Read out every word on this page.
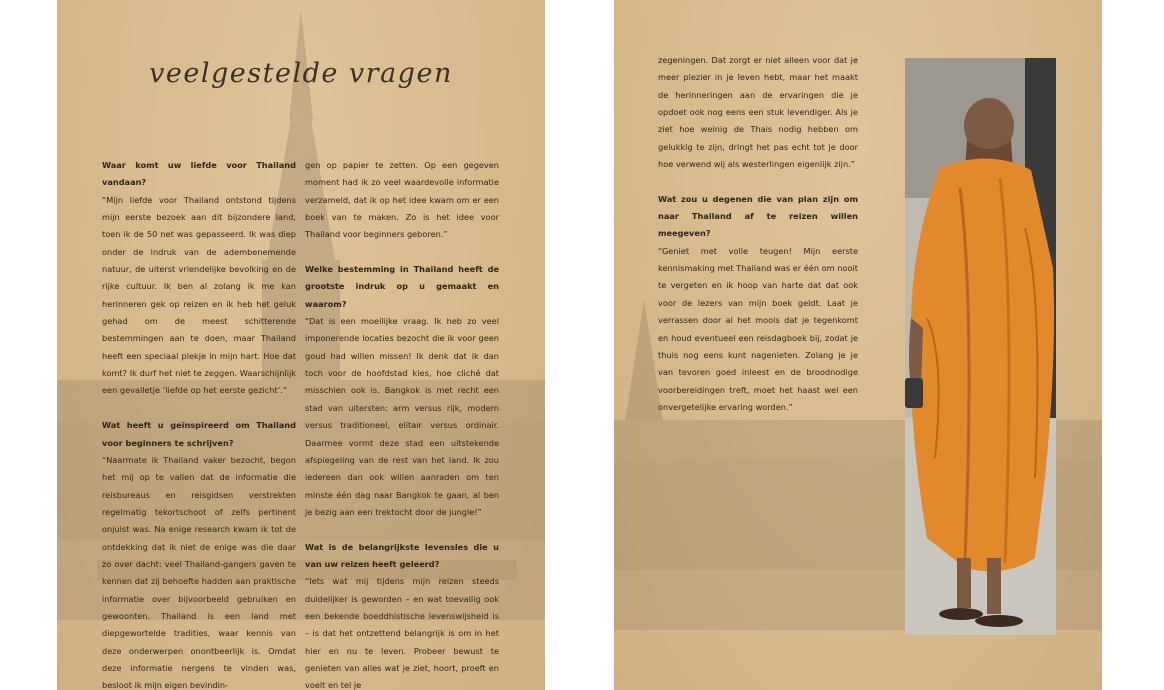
veelgestelde vragen

Waar komt uw liefde voor Thailand vandaan?

“Mijn liefde voor Thailand ontstond tijdens mijn eerste bezoek aan dit bijzondere land, toen ik de 50 net was gepasseerd. Ik was diep onder de indruk van de adembenemende natuur, de uiterst vriendelijke bevolking en de rijke cultuur. Ik ben al zolang ik me kan herinneren gek op reizen en ik heb het geluk gehad om de meest schitterende bestemmingen aan te doen, maar Thailand heeft een speciaal plekje in mijn hart. Hoe dat komt? Ik durf het niet te zeggen. Waarschijnlijk een gevalletje ‘liefde op het eerste gezicht’.”

Wat heeft u geïnspireerd om Thailand voor beginners te schrijven?

“Naarmate ik Thailand vaker bezocht, begon het mij op te vallen dat de informatie die reisbureaus en reisgidsen verstrekten regelmatig tekortschoot of zelfs pertinent onjuist was. Na enige research kwam ik tot de ontdekking dat ik niet de enige was die daar zo over dacht: veel Thailand-gangers gaven te kennen dat zij behoefte hadden aan praktische informatie over bijvoorbeeld gebruiken en gewoonten. Thailand is een land met diepgewortelde tradities, waar kennis van deze onderwerpen onontbeerlijk is. Omdat deze informatie nergens te vinden was, besloot ik mijn eigen bevindin-

gen op papier te zetten. Op een gegeven moment had ik zo veel waardevolle informatie verzameld, dat ik op het idee kwam om er een boek van te maken. Zo is het idee voor Thailand voor beginners geboren.”

Welke bestemming in Thailand heeft de grootste indruk op u gemaakt en waarom?

“Dat is een moeilijke vraag. Ik heb zo veel imponerende locaties bezocht die ik voor geen goud had willen missen! Ik denk dat ik dan toch voor de hoofdstad kies, hoe cliché dat misschien ook is. Bangkok is met recht een stad van uitersten: arm versus rijk, modern versus traditioneel, elitair versus ordinair. Daarmee vormt deze stad een uitstekende afspiegeling van de rest van het land. Ik zou iedereen dan ook willen aanraden om ten minste één dag naar Bangkok te gaan, al ben je bezig aan een trektocht door de jungle!”

Wat is de belangrijkste levensles die u van uw reizen heeft geleerd?

“Iets wat mij tijdens mijn reizen steeds duidelijker is geworden – en wat toevallig ook een bekende boeddhistische levenswijsheid is – is dat het ontzettend belangrijk is om in het hier en nu te leven. Probeer bewust te genieten van alles wat je ziet, hoort, proeft en voelt en tel je

zegeningen. Dat zorgt er niet alleen voor dat je meer plezier in je leven hebt, maar het maakt de herinneringen aan de ervaringen die je opdoet ook nog eens een stuk levendiger. Als je ziet hoe weinig de Thais nodig hebben om gelukkig te zijn, dringt het pas echt tot je door hoe verwend wij als westerlingen eigenlijk zijn.”

Wat zou u degenen die van plan zijn om naar Thailand af te reizen willen meegeven?

“Geniet met volle teugen! Mijn eerste kennismaking met Thailand was er één om nooit te vergeten en ik hoop van harte dat dat ook voor de lezers van mijn boek geldt. Laat je verrassen door al het moois dat je tegenkomt en houd eventueel een reisdagboek bij, zodat je thuis nog eens kunt nagenieten. Zolang je je van tevoren goed inleest en de broodnodige voorbereidingen treft, moet het haast wel een onvergetelijke ervaring worden.”
